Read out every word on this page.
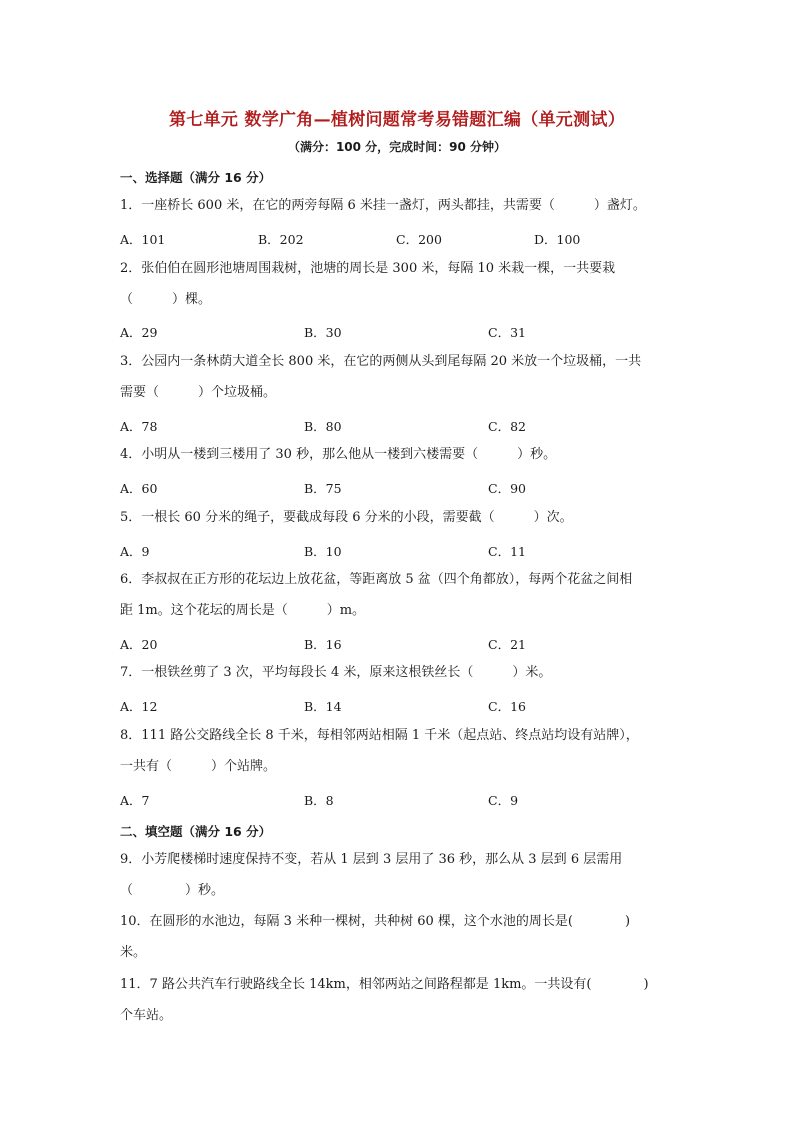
第七单元 数学广角—植树问题常考易错题汇编（单元测试）
（满分：100 分，完成时间：90 分钟）
一、选择题（满分 16 分）
1．一座桥长 600 米，在它的两旁每隔 6 米挂一盏灯，两头都挂，共需要（　　　）盏灯。
A．101	B．202	C．200	D．100
2．张伯伯在圆形池塘周围栽树，池塘的周长是 300 米，每隔 10 米栽一棵，一共要栽
（　　　）棵。
A．29	B．30	C．31
3．公园内一条林荫大道全长 800 米，在它的两侧从头到尾每隔 20 米放一个垃圾桶，一共
需要（　　　）个垃圾桶。
A．78	B．80	C．82
4．小明从一楼到三楼用了 30 秒，那么他从一楼到六楼需要（　　　）秒。
A．60	B．75	C．90
5．一根长 60 分米的绳子，要截成每段 6 分米的小段，需要截（　　　）次。
A．9	B．10	C．11
6．李叔叔在正方形的花坛边上放花盆，等距离放 5 盆（四个角都放），每两个花盆之间相
距 1m。这个花坛的周长是（　　　）m。
A．20	B．16	C．21
7．一根铁丝剪了 3 次，平均每段长 4 米，原来这根铁丝长（　　　）米。
A．12	B．14	C．16
8．111 路公交路线全长 8 千米，每相邻两站相隔 1 千米（起点站、终点站均设有站牌），
一共有（　　　）个站牌。
A．7	B．8	C．9
二、填空题（满分 16 分）
9．小芳爬楼梯时速度保持不变，若从 1 层到 3 层用了 36 秒，那么从 3 层到 6 层需用
（　　　　）秒。
10．在圆形的水池边，每隔 3 米种一棵树，共种树 60 棵，这个水池的周长是(　　　　)
米。
11．7 路公共汽车行驶路线全长 14km，相邻两站之间路程都是 1km。一共设有(　　　　)
个车站。
